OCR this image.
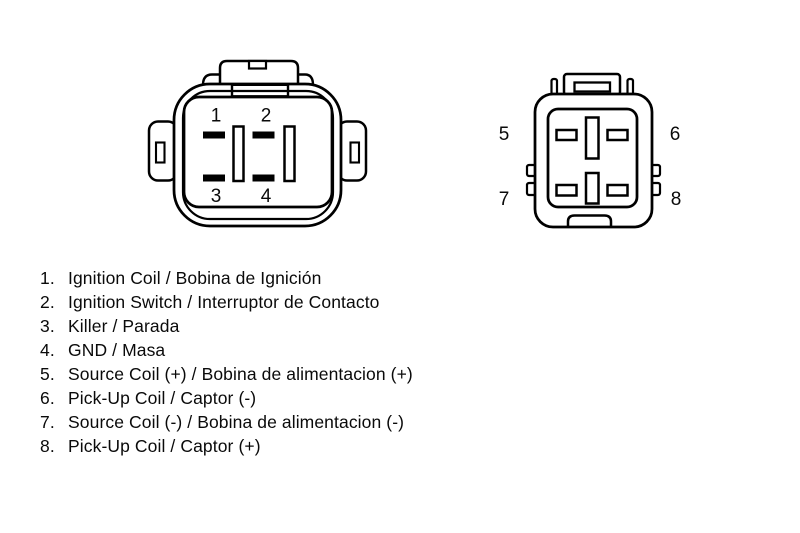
1 2
3 4
5	6
7	8
1. Ignition Coil / Bobina de Ignición
2. Ignition Switch / Interruptor de Contacto
3. Killer / Parada
4. GND / Masa
5. Source Coil (+) / Bobina de alimentacion (+)
6. Pick-Up Coil / Captor (-)
7. Source Coil (-) / Bobina de alimentacion (-)
8. Pick-Up Coil / Captor (+)
